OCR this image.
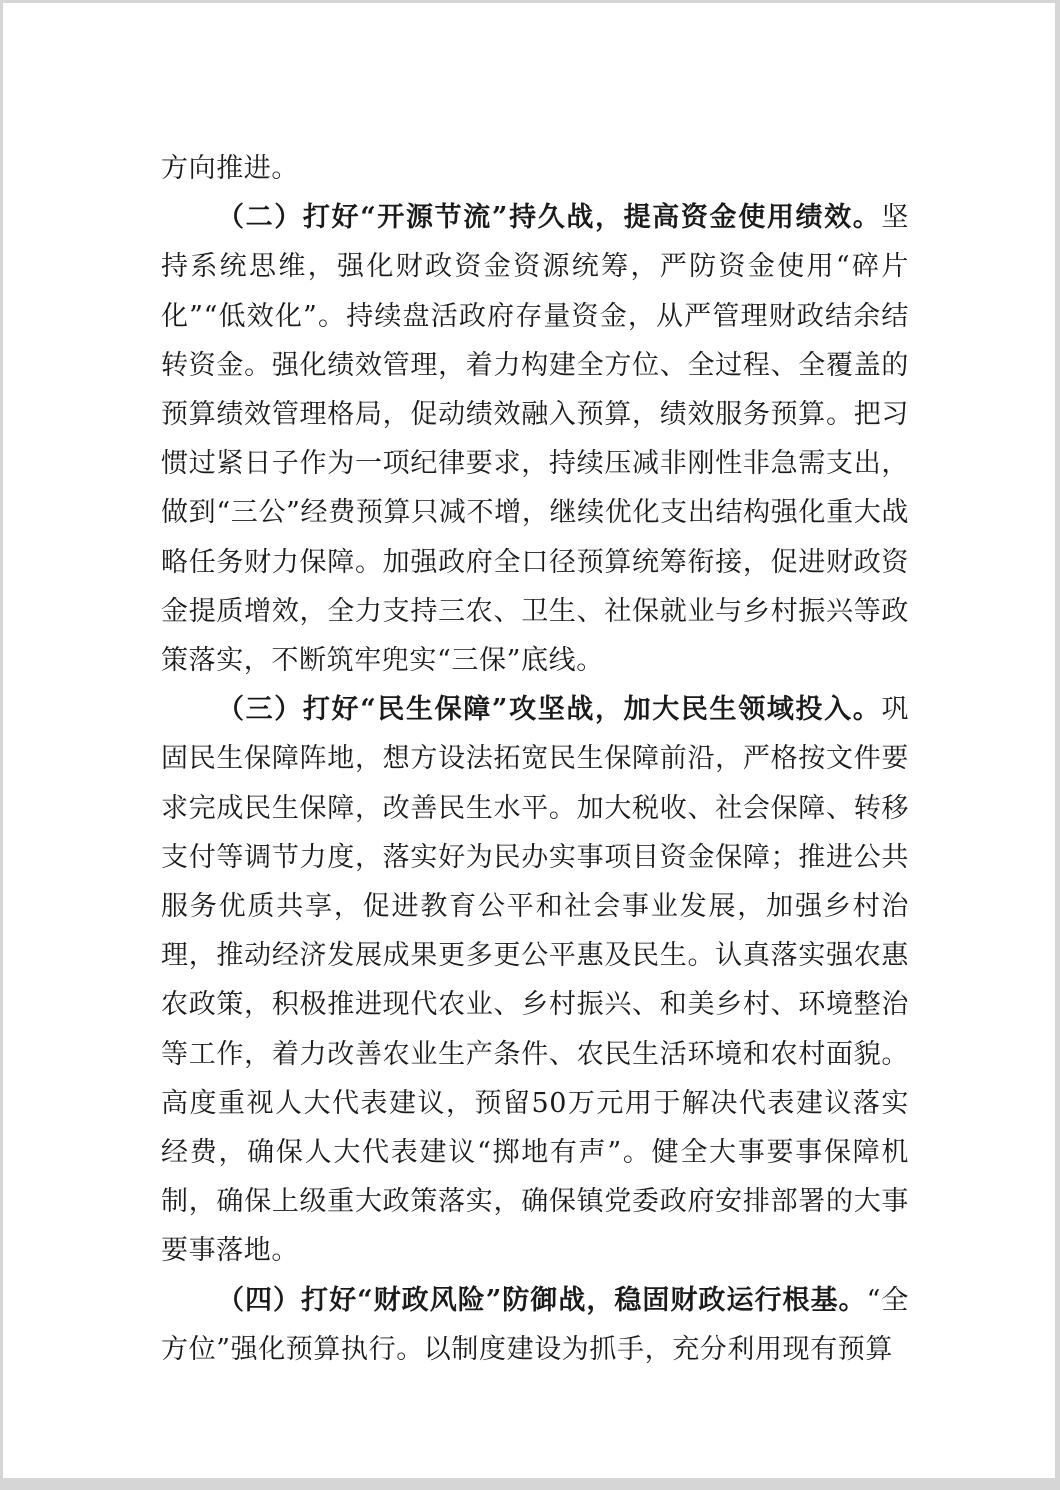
方向推进。

（二）打好“开源节流”持久战，提高资金使用绩效。坚持系统思维，强化财政资金资源统筹，严防资金使用“碎片化”“低效化”。持续盘活政府存量资金，从严管理财政结余结转资金。强化绩效管理，着力构建全方位、全过程、全覆盖的预算绩效管理格局，促动绩效融入预算，绩效服务预算。把习惯过紧日子作为一项纪律要求，持续压减非刚性非急需支出，做到“三公”经费预算只减不增，继续优化支出结构强化重大战略任务财力保障。加强政府全口径预算统筹衔接，促进财政资金提质增效，全力支持三农、卫生、社保就业与乡村振兴等政策落实，不断筑牢兜实“三保”底线。

（三）打好“民生保障”攻坚战，加大民生领域投入。巩固民生保障阵地，想方设法拓宽民生保障前沿，严格按文件要求完成民生保障，改善民生水平。加大税收、社会保障、转移支付等调节力度，落实好为民办实事项目资金保障；推进公共服务优质共享，促进教育公平和社会事业发展，加强乡村治理，推动经济发展成果更多更公平惠及民生。认真落实强农惠农政策，积极推进现代农业、乡村振兴、和美乡村、环境整治等工作，着力改善农业生产条件、农民生活环境和农村面貌。高度重视人大代表建议，预留50万元用于解决代表建议落实经费，确保人大代表建议“掷地有声”。健全大事要事保障机制，确保上级重大政策落实，确保镇党委政府安排部署的大事要事落地。

（四）打好“财政风险”防御战，稳固财政运行根基。“全方位”强化预算执行。以制度建设为抓手，充分利用现有预算
